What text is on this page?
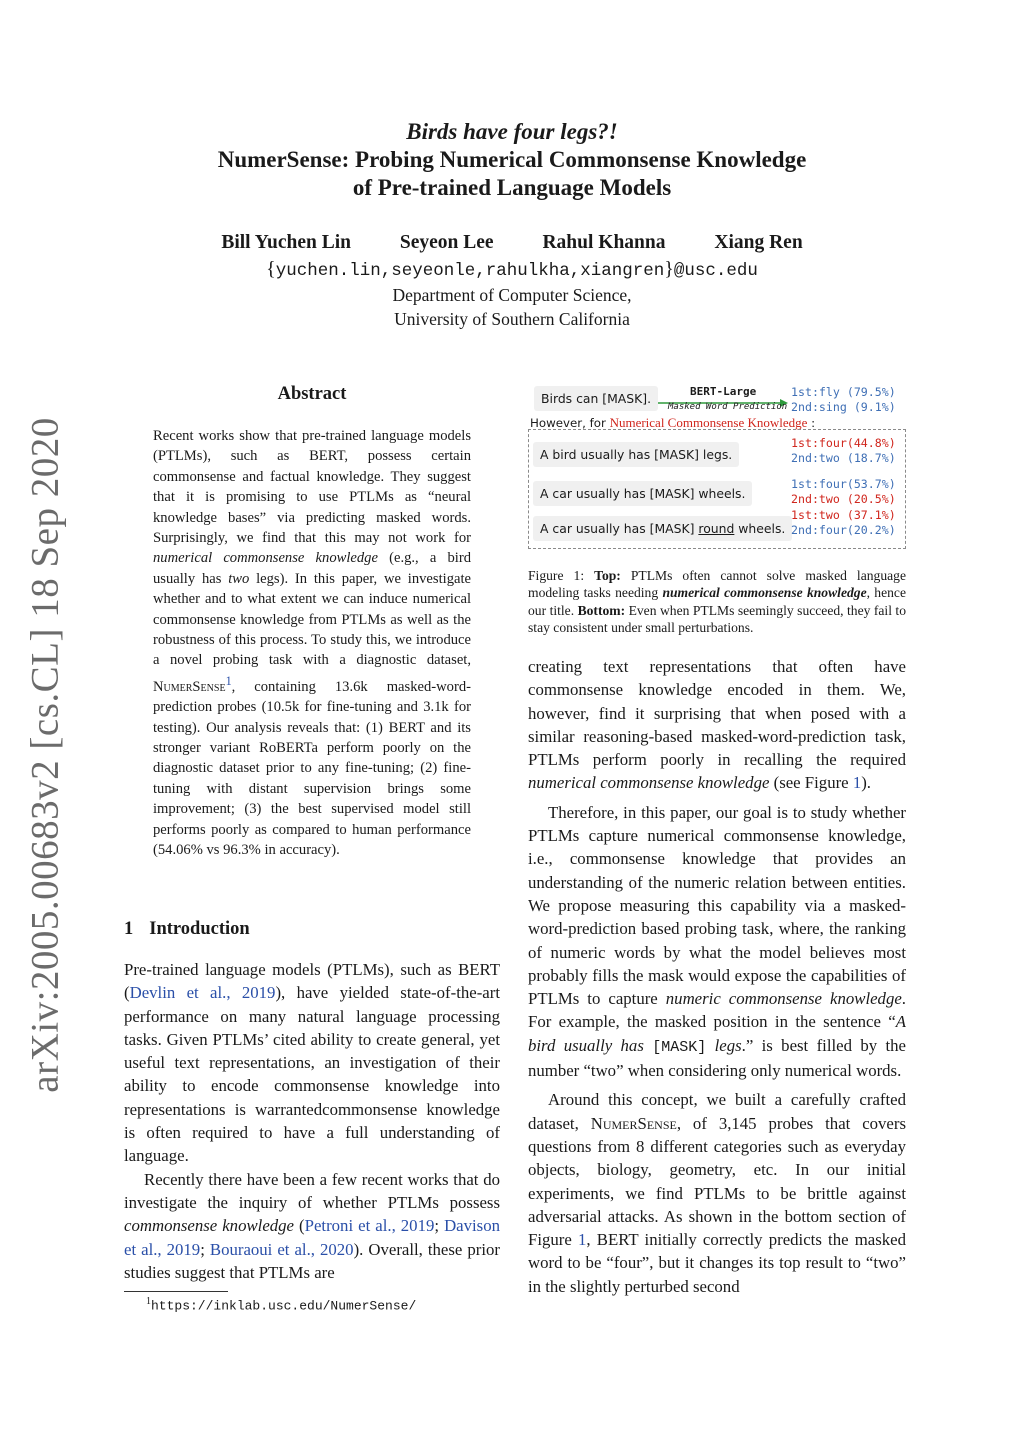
arXiv:2005.00683v2 [cs.CL] 18 Sep 2020
Birds have four legs?!
NumerSense: Probing Numerical Commonsense Knowledge
of Pre-trained Language Models
Bill Yuchen Lin	Seyeon Lee	Rahul Khanna	Xiang Ren
{yuchen.lin,seyeonle,rahulkha,xiangren}@usc.edu
Department of Computer Science,
University of Southern California
Abstract
Recent works show that pre-trained language models (PTLMs), such as BERT, possess certain commonsense and factual knowledge. They suggest that it is promising to use PTLMs as “neural knowledge bases” via predicting masked words. Surprisingly, we find that this may not work for numerical commonsense knowledge (e.g., a bird usually has two legs). In this paper, we investigate whether and to what extent we can induce numerical commonsense knowledge from PTLMs as well as the robustness of this process. To study this, we introduce a novel probing task with a diagnostic dataset, NumerSense$^1$, containing 13.6k masked-word-prediction probes (10.5k for fine-tuning and 3.1k for testing). Our analysis reveals that: (1) BERT and its stronger variant RoBERTa perform poorly on the diagnostic dataset prior to any fine-tuning; (2) fine-tuning with distant supervision brings some improvement; (3) the best supervised model still performs poorly as compared to human performance (54.06% vs 96.3% in accuracy).
1 Introduction

Pre-trained language models (PTLMs), such as BERT (Devlin et al., 2019), have yielded state-of-the-art performance on many natural language processing tasks. Given PTLMs’ cited ability to create general, yet useful text representations, an investigation of their ability to encode commonsense knowledge into representations is warrantedcommonsense knowledge is often required to have a full understanding of language.

Recently there have been a few recent works that do investigate the inquiry of whether PTLMs possess commonsense knowledge (Petroni et al., 2019; Davison et al., 2019; Bouraoui et al., 2020). Overall, these prior studies suggest that PTLMs are

$^1$https://inklab.usc.edu/NumerSense/
Birds can [MASK].	BERT-Large
Masked Word Prediction
1st:fly (79.5%)
2nd:sing (9.1%)
However, for Numerical Commonsense Knowledge :
A bird usually has [MASK] legs.
1st:four(44.8%)
2nd:two (18.7%)
A car usually has [MASK] wheels.
1st:four(53.7%)
2nd:two (20.5%)
A car usually has [MASK] round wheels.
1st:two (37.1%)
2nd:four(20.2%)
Figure 1: Top: PTLMs often cannot solve masked language modeling tasks needing numerical commonsense knowledge, hence our title. Bottom: Even when PTLMs seemingly succeed, they fail to stay consistent under small perturbations.

creating text representations that often have commonsense knowledge encoded in them. We, however, find it surprising that when posed with a similar reasoning-based masked-word-prediction task, PTLMs perform poorly in recalling the required numerical commonsense knowledge (see Figure 1).

Therefore, in this paper, our goal is to study whether PTLMs capture numerical commonsense knowledge, i.e., commonsense knowledge that provides an understanding of the numeric relation between entities. We propose measuring this capability via a masked-word-prediction based probing task, where, the ranking of numeric words by what the model believes most probably fills the mask would expose the capabilities of PTLMs to capture numeric commonsense knowledge. For example, the masked position in the sentence “A bird usually has [MASK] legs.” is best filled by the number “two” when considering only numerical words.

Around this concept, we built a carefully crafted dataset, NumerSense, of 3,145 probes that covers questions from 8 different categories such as everyday objects, biology, geometry, etc. In our initial experiments, we find PTLMs to be brittle against adversarial attacks. As shown in the bottom section of Figure 1, BERT initially correctly predicts the masked word to be “four”, but it changes its top result to “two” in the slightly perturbed second
